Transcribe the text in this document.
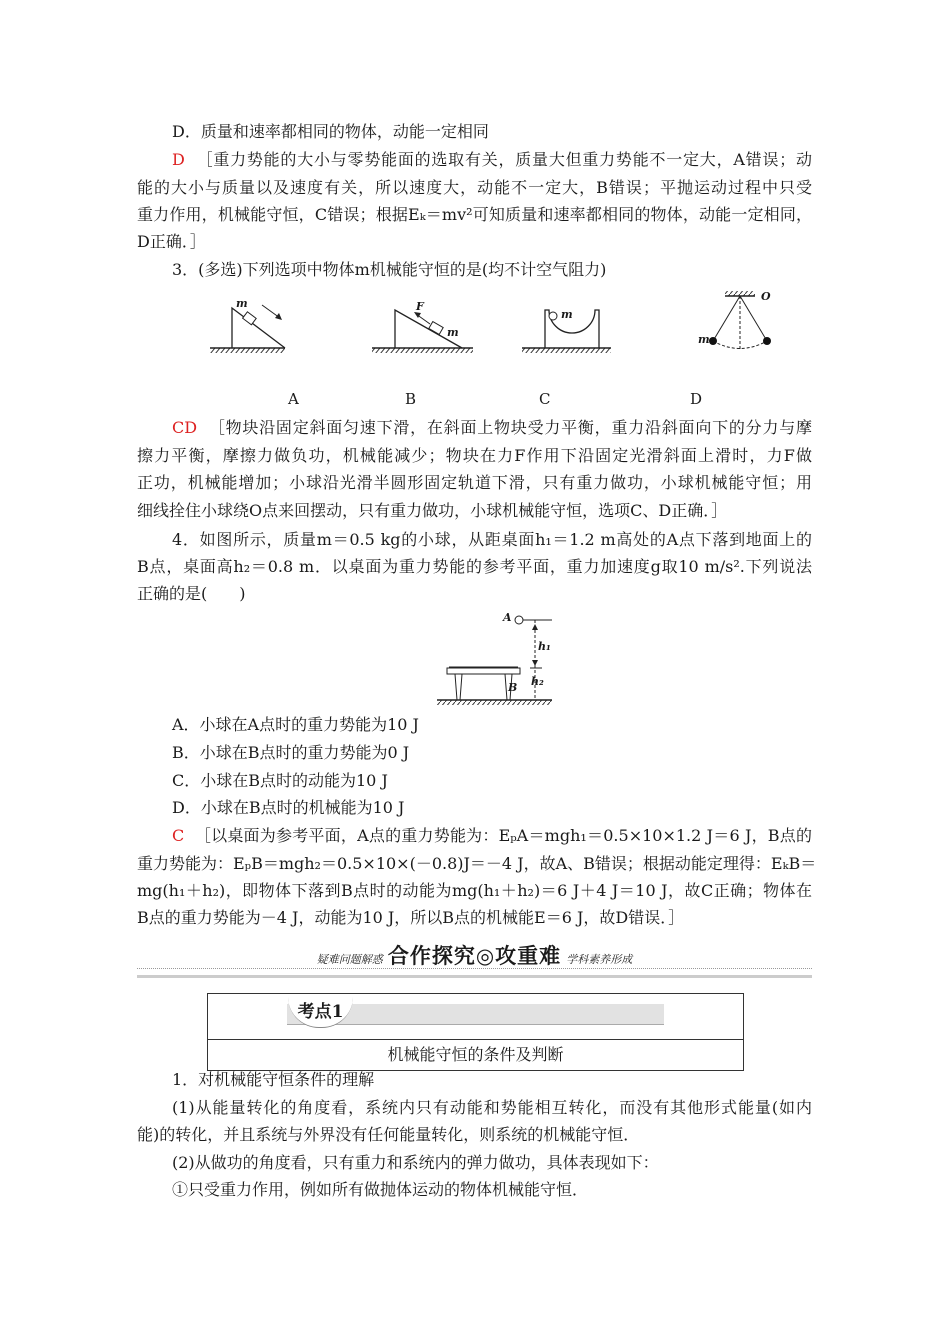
D．质量和速率都相同的物体，动能一定相同
D ［重力势能的大小与零势能面的选取有关，质量大但重力势能不一定大，A错误；动
能的大小与质量以及速度有关，所以速度大，动能不一定大，B错误；平抛运动过程中只受
重力作用，机械能守恒，C错误；根据Eₖ＝mv²可知质量和速率都相同的物体，动能一定相同，
D正确．］
3．(多选)下列选项中物体m机械能守恒的是(均不计空气阻力)
m	F
m
m
O
m
A	B	C	D
CD ［物块沿固定斜面匀速下滑，在斜面上物块受力平衡，重力沿斜面向下的分力与摩
擦力平衡，摩擦力做负功，机械能减少；物块在力F作用下沿固定光滑斜面上滑时，力F做
正功，机械能增加；小球沿光滑半圆形固定轨道下滑，只有重力做功，小球机械能守恒；用
细线拴住小球绕O点来回摆动，只有重力做功，小球机械能守恒，选项C、D正确．］
4．如图所示，质量m＝0.5 kg的小球，从距桌面h₁＝1.2 m高处的A点下落到地面上的
B点，桌面高h₂＝0.8 m．以桌面为重力势能的参考平面，重力加速度g取10 m/s².下列说法
正确的是(　　)
A
h₁
h₂
B
A．小球在A点时的重力势能为10 J
B．小球在B点时的重力势能为0 J
C．小球在B点时的动能为10 J
D．小球在B点时的机械能为10 J
C ［以桌面为参考平面，A点的重力势能为：EₚA＝mgh₁＝0.5×10×1.2 J＝6 J，B点的
重力势能为：EₚB＝mgh₂＝0.5×10×(－0.8)J＝－4 J，故A、B错误；根据动能定理得：EₖB＝
mg(h₁＋h₂)，即物体下落到B点时的动能为mg(h₁＋h₂)＝6 J＋4 J＝10 J，故C正确；物体在
B点的重力势能为－4 J，动能为10 J，所以B点的机械能E＝6 J，故D错误．］
疑难问题解惑 合作探究◎攻重难 学科素养形成
考点1
机械能守恒的条件及判断
1．对机械能守恒条件的理解
(1)从能量转化的角度看，系统内只有动能和势能相互转化，而没有其他形式能量(如内
能)的转化，并且系统与外界没有任何能量转化，则系统的机械能守恒．
(2)从做功的角度看，只有重力和系统内的弹力做功，具体表现如下：
①只受重力作用，例如所有做抛体运动的物体机械能守恒．
